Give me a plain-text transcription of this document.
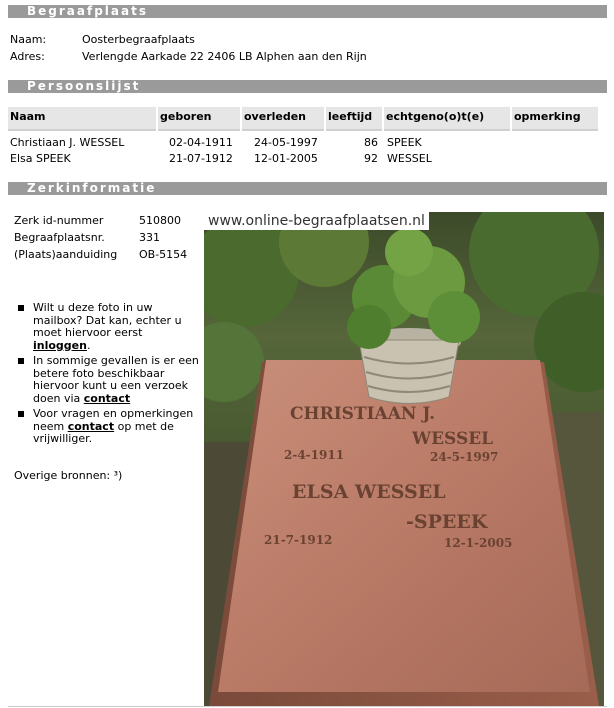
Begraafplaats
Naam:	Oosterbegraafplaats
Adres:	Verlengde Aarkade 22 2406 LB Alphen aan den Rijn
Persoonslijst
Naam	geboren	overleden	leeftijd	echtgeno(o)t(e)	opmerking
Christiaan J. WESSEL	02-04-1911 24-05-1997	86 SPEEK
Elsa SPEEK	21-07-1912 12-01-2005	92 WESSEL
Zerkinformatie
Zerk id-nummer	510800
Begraafplaatsnr.	331
(Plaats)aanduiding OB-5154
Wilt u deze foto in uw mailbox? Dat kan, echter u moet hiervoor eerst inloggen.
In sommige gevallen is er een betere foto beschikbaar hiervoor kunt u een verzoek doen via contact
Voor vragen en opmerkingen neem contact op met de vrijwilliger.
Overige bronnen: ³)
CHRISTIAAN J.
WESSEL
2-4-1911	24-5-1997
ELSA WESSEL
-SPEEK
21-7-1912	12-1-2005
www.online-begraafplaatsen.nl
